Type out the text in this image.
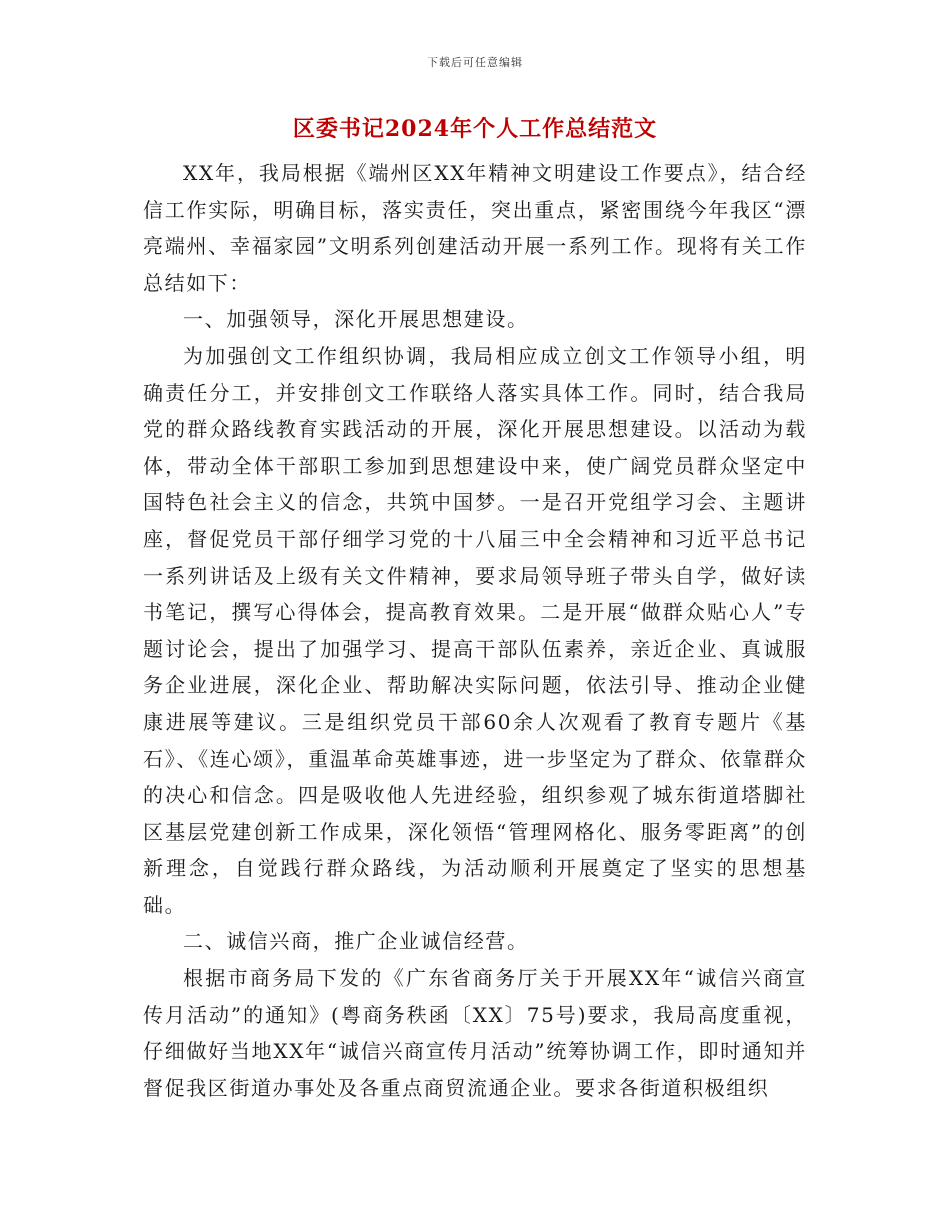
下载后可任意编辑
区委书记2024年个人工作总结范文

XX年，我局根据《端州区XX年精神文明建设工作要点》，结合经信工作实际，明确目标，落实责任，突出重点，紧密围绕今年我区“漂亮端州、幸福家园”文明系列创建活动开展一系列工作。现将有关工作总结如下：

一、加强领导，深化开展思想建设。

为加强创文工作组织协调，我局相应成立创文工作领导小组，明确责任分工，并安排创文工作联络人落实具体工作。同时，结合我局党的群众路线教育实践活动的开展，深化开展思想建设。以活动为载体，带动全体干部职工参加到思想建设中来，使广阔党员群众坚定中国特色社会主义的信念，共筑中国梦。一是召开党组学习会、主题讲座，督促党员干部仔细学习党的十八届三中全会精神和习近平总书记一系列讲话及上级有关文件精神，要求局领导班子带头自学，做好读书笔记，撰写心得体会，提高教育效果。二是开展“做群众贴心人”专题讨论会，提出了加强学习、提高干部队伍素养，亲近企业、真诚服务企业进展，深化企业、帮助解决实际问题，依法引导、推动企业健康进展等建议。三是组织党员干部60余人次观看了教育专题片《基石》、《连心颂》，重温革命英雄事迹，进一步坚定为了群众、依靠群众的决心和信念。四是吸收他人先进经验，组织参观了城东街道塔脚社区基层党建创新工作成果，深化领悟“管理网格化、服务零距离”的创新理念，自觉践行群众路线，为活动顺利开展奠定了坚实的思想基础。

二、诚信兴商，推广企业诚信经营。

根据市商务局下发的《广东省商务厅关于开展XX年“诚信兴商宣传月活动”的通知》(粤商务秩函〔XX〕75号)要求，我局高度重视，仔细做好当地XX年“诚信兴商宣传月活动”统筹协调工作，即时通知并督促我区街道办事处及各重点商贸流通企业。要求各街道积极组织
